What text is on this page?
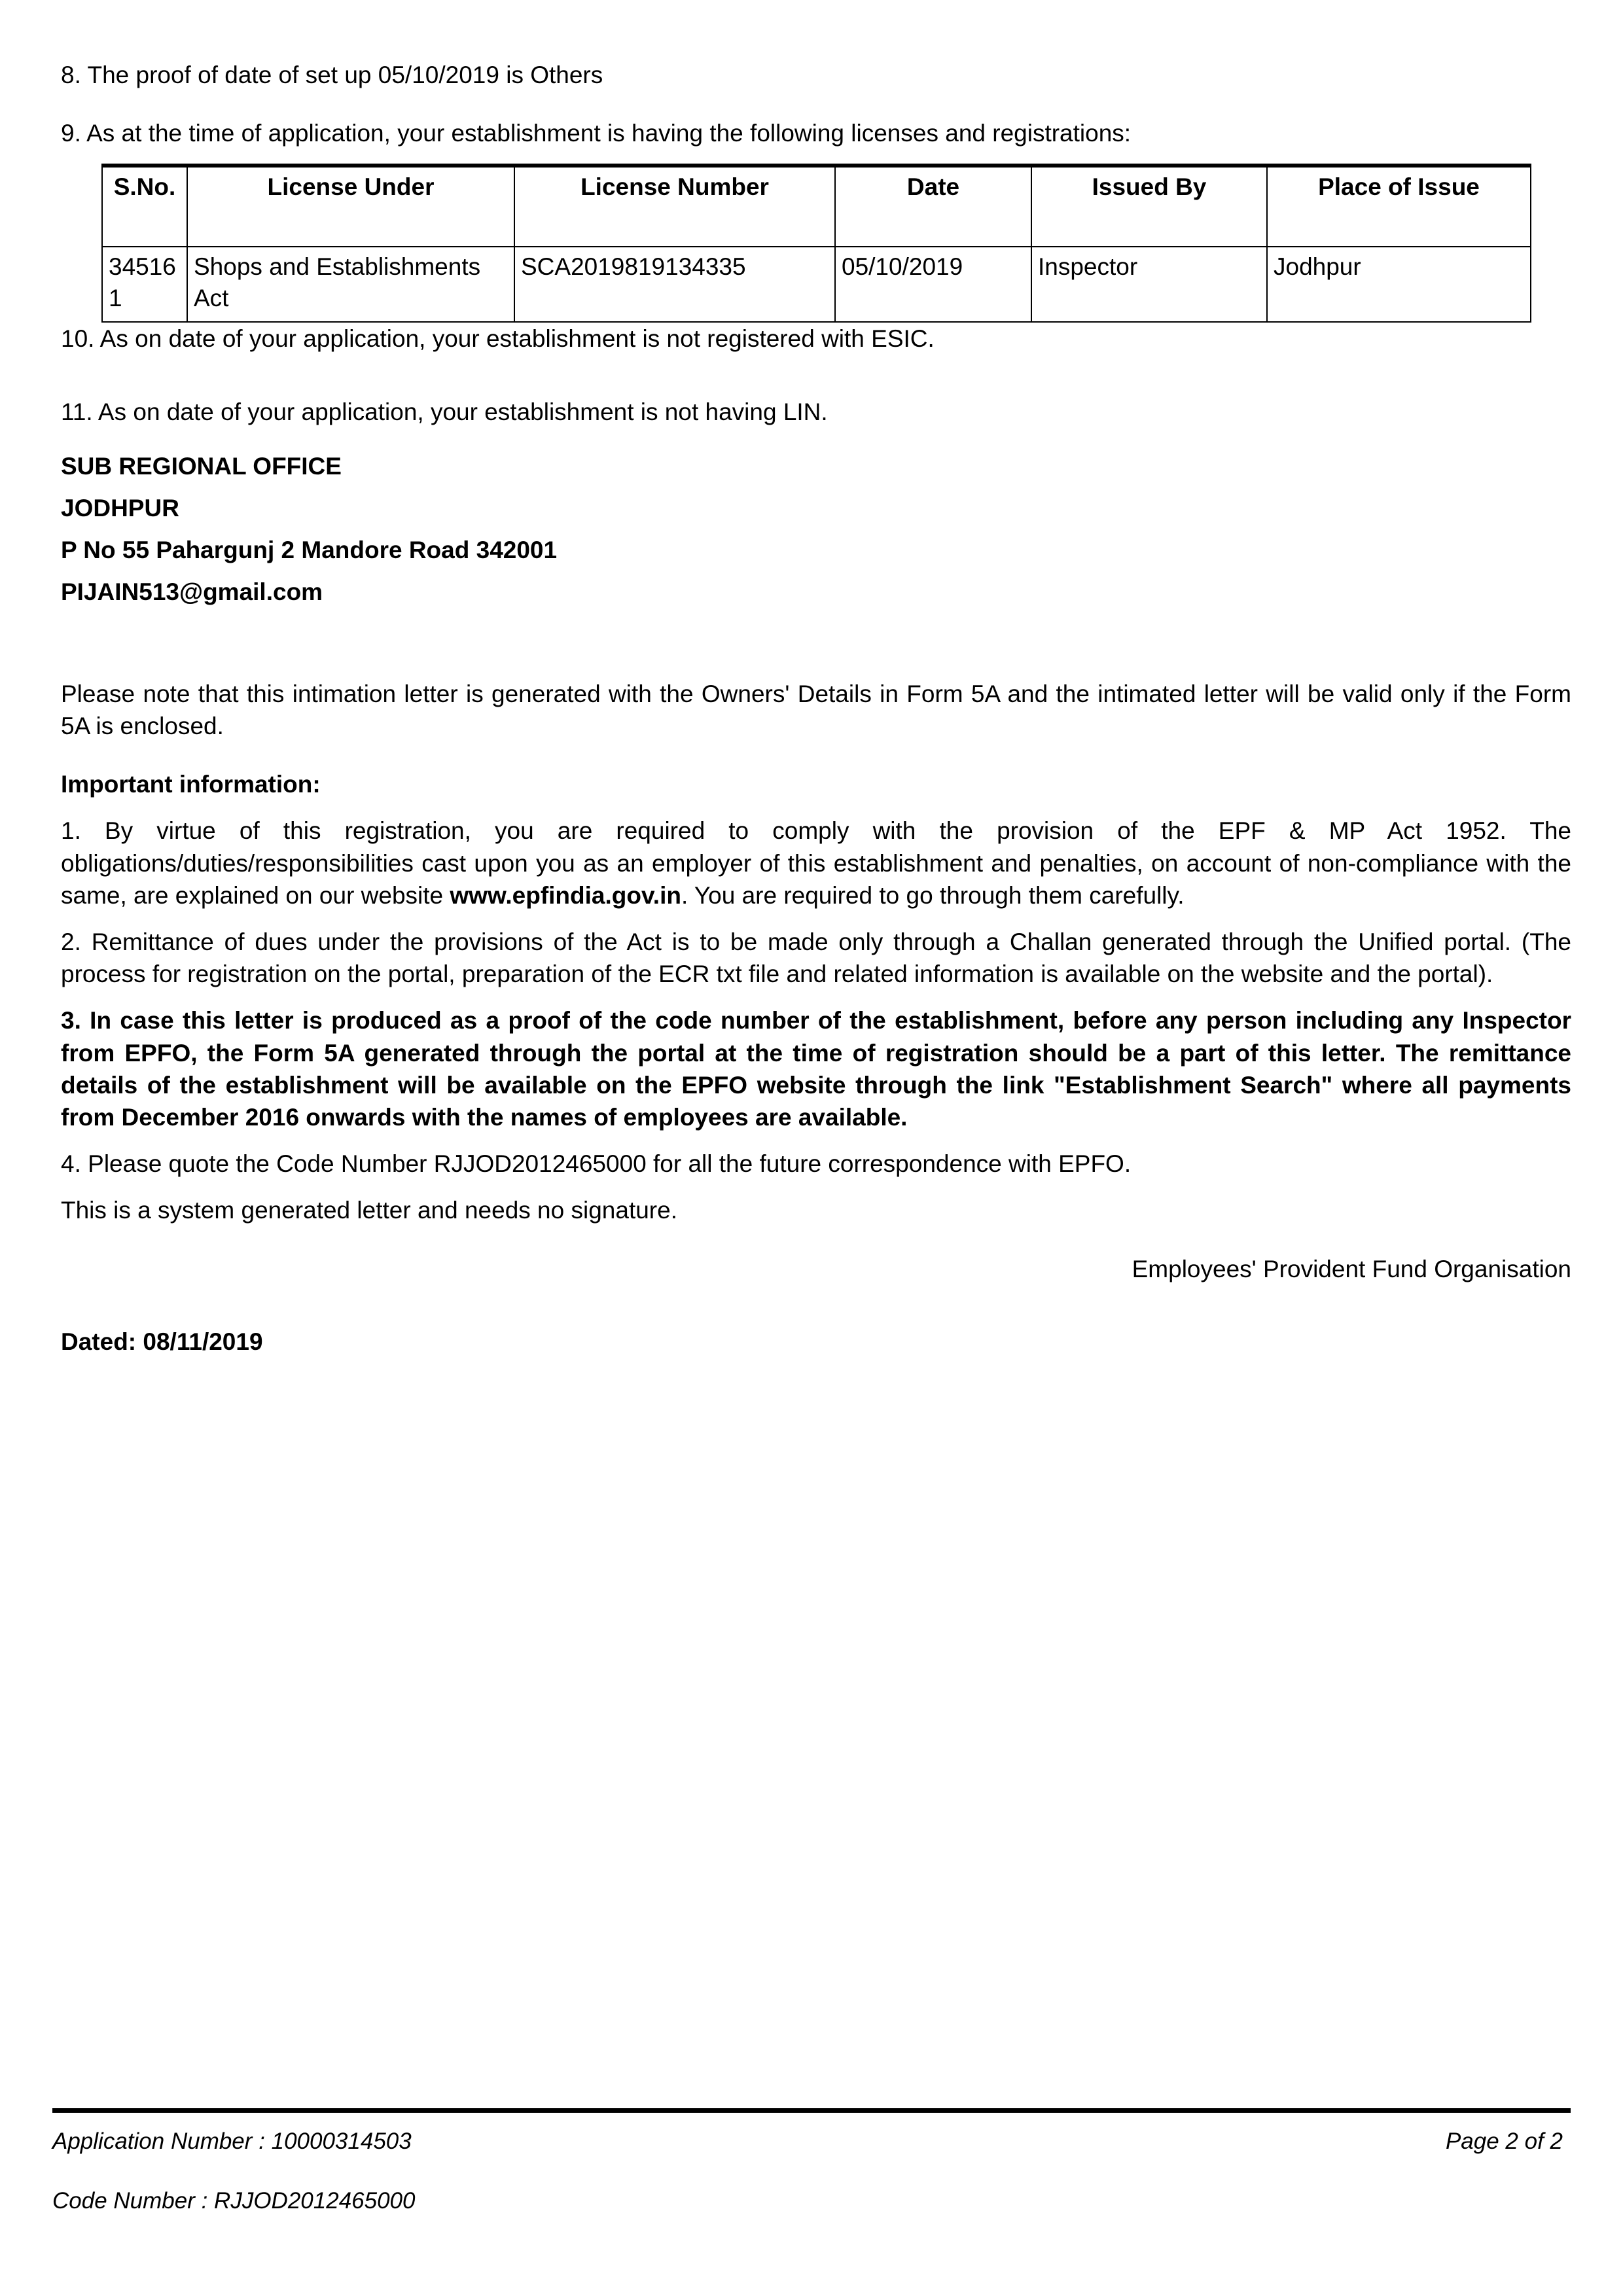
8. The proof of date of set up 05/10/2019 is Others

9. As at the time of application, your establishment is having the following licenses and registrations:

S.No.	License Under	License Number	Date	Issued By	Place of Issue
345161	Shops and Establishments Act	SCA2019819134335	05/10/2019	Inspector	Jodhpur

10. As on date of your application, your establishment is not registered with ESIC.

11. As on date of your application, your establishment is not having LIN.

SUB REGIONAL OFFICE
JODHPUR
P No 55 Pahargunj 2 Mandore Road 342001
PIJAIN513@gmail.com

Please note that this intimation letter is generated with the Owners' Details in Form 5A and the intimated letter will be valid only if the Form 5A is enclosed.

Important information:

1. By virtue of this registration, you are required to comply with the provision of the EPF & MP Act 1952. The obligations/duties/responsibilities cast upon you as an employer of this establishment and penalties, on account of non-compliance with the same, are explained on our website www.epfindia.gov.in. You are required to go through them carefully.

2. Remittance of dues under the provisions of the Act is to be made only through a Challan generated through the Unified portal. (The process for registration on the portal, preparation of the ECR txt file and related information is available on the website and the portal).

3. In case this letter is produced as a proof of the code number of the establishment, before any person including any Inspector from EPFO, the Form 5A generated through the portal at the time of registration should be a part of this letter. The remittance details of the establishment will be available on the EPFO website through the link "Establishment Search" where all payments from December 2016 onwards with the names of employees are available.

4. Please quote the Code Number RJJOD2012465000 for all the future correspondence with EPFO.

This is a system generated letter and needs no signature.

Employees' Provident Fund Organisation
Dated: 08/11/2019
Application Number : 10000314503	Page 2 of 2
Code Number : RJJOD2012465000
